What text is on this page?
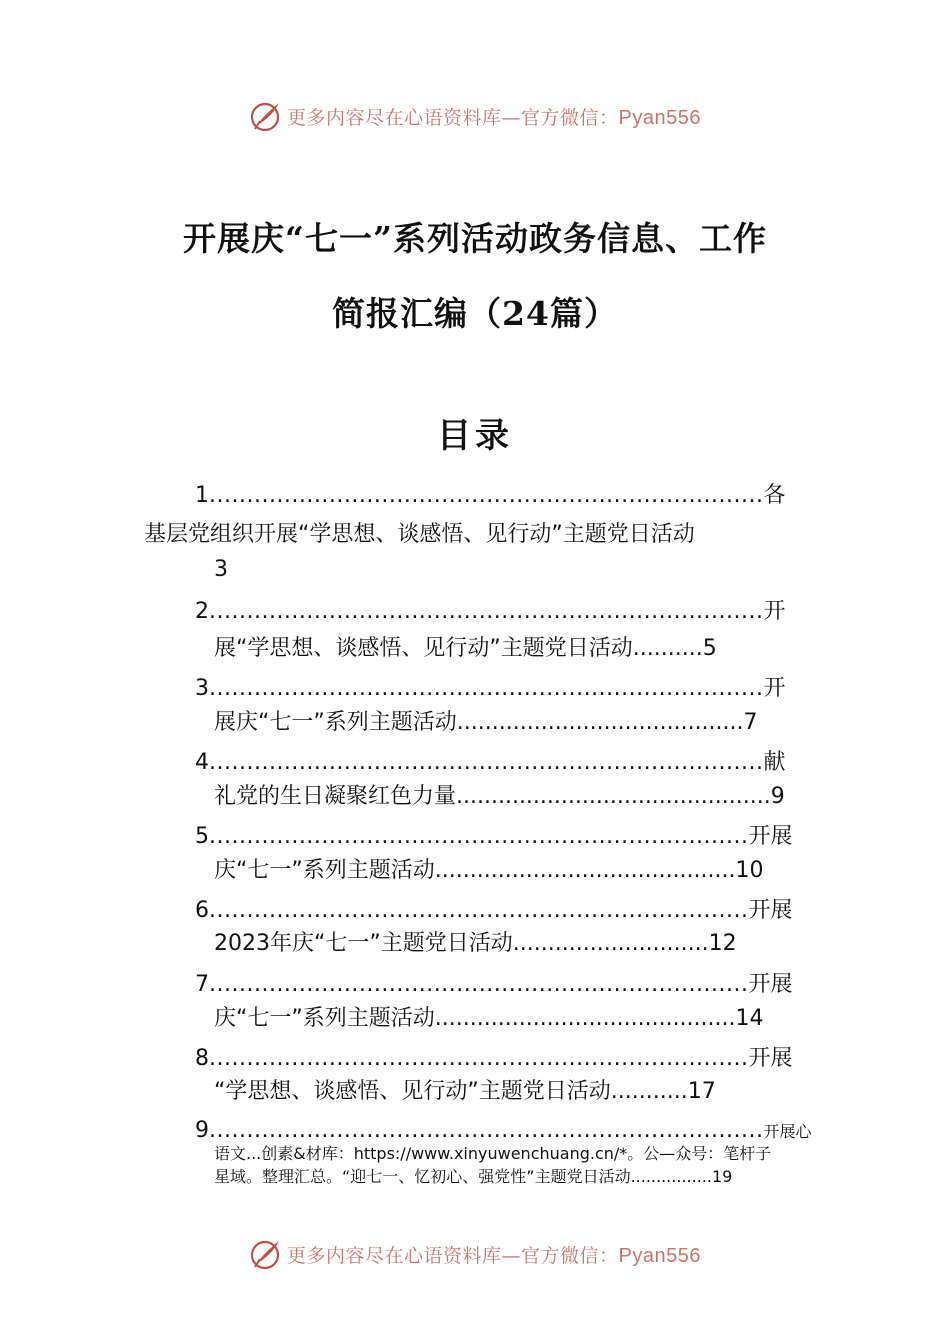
更多内容尽在心语资料库—官方微信：Pyan556
开展庆“七一”系列活动政务信息、工作
简报汇编（24篇）
目录
1..........................................................................各
基层党组织开展“学思想、谈感悟、见行动”主题党日活动
3
2..........................................................................开
展“学思想、谈感悟、见行动”主题党日活动..........5
3..........................................................................开
展庆“七一”系列主题活动.........................................7
4..........................................................................献
礼党的生日凝聚红色力量.............................................9
5........................................................................开展
庆“七一”系列主题活动...........................................10
6........................................................................开展
2023年庆“七一”主题党日活动............................12
7........................................................................开展
庆“七一”系列主题活动...........................................14
8........................................................................开展
“学思想、谈感悟、见行动”主题党日活动...........17
9..........................................................................开展心
语文...创素&材库：https://www.xinyuwenchuang.cn/*。公—众号：笔杆子
星域。整理汇总。“迎七一、忆初心、强党性”主题党日活动................19
更多内容尽在心语资料库—官方微信：Pyan556
